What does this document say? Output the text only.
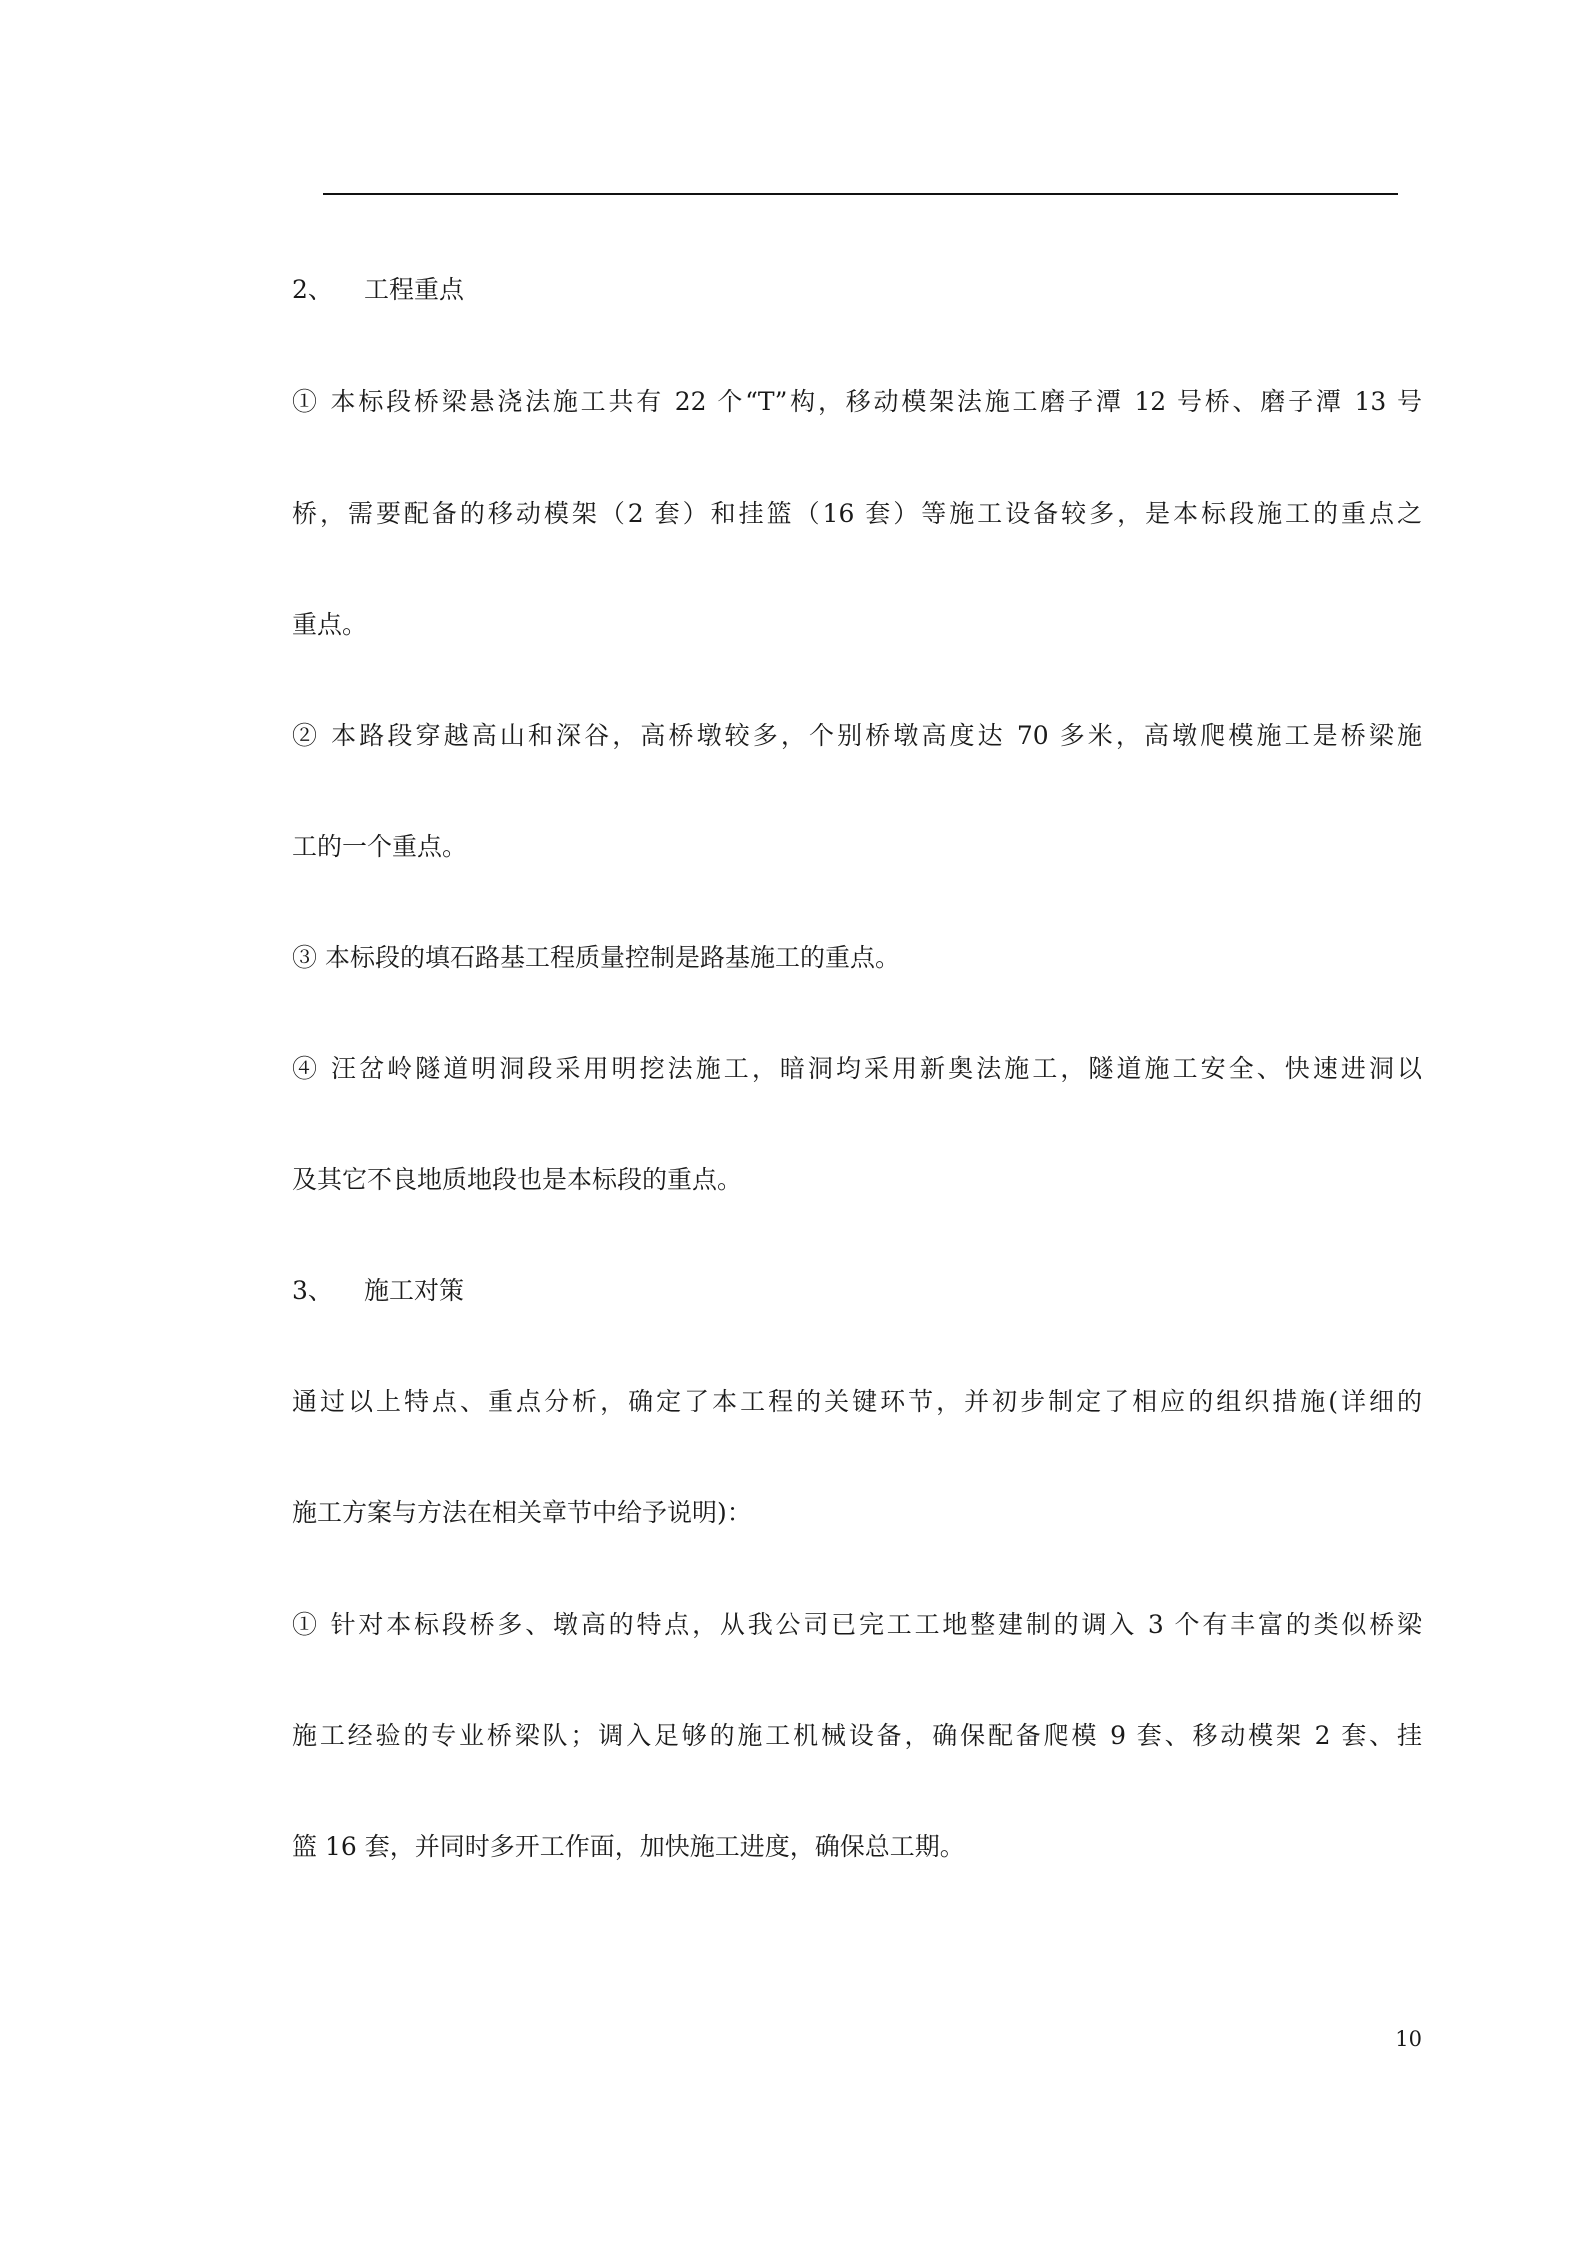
2、 工程重点
① 本标段桥梁悬浇法施工共有 22 个“T”构，移动模架法施工磨子潭 12 号桥、磨子潭 13 号
桥，需要配备的移动模架（2 套）和挂篮（16 套）等施工设备较多，是本标段施工的重点之
重点。
② 本路段穿越高山和深谷，高桥墩较多，个别桥墩高度达 70 多米，高墩爬模施工是桥梁施
工的一个重点。
③ 本标段的填石路基工程质量控制是路基施工的重点。
④ 汪岔岭隧道明洞段采用明挖法施工，暗洞均采用新奥法施工，隧道施工安全、快速进洞以
及其它不良地质地段也是本标段的重点。
3、 施工对策
通过以上特点、重点分析，确定了本工程的关键环节，并初步制定了相应的组织措施(详细的
施工方案与方法在相关章节中给予说明)：
① 针对本标段桥多、墩高的特点，从我公司已完工工地整建制的调入 3 个有丰富的类似桥梁
施工经验的专业桥梁队；调入足够的施工机械设备，确保配备爬模 9 套、移动模架 2 套、挂
篮 16 套，并同时多开工作面，加快施工进度，确保总工期。
10
